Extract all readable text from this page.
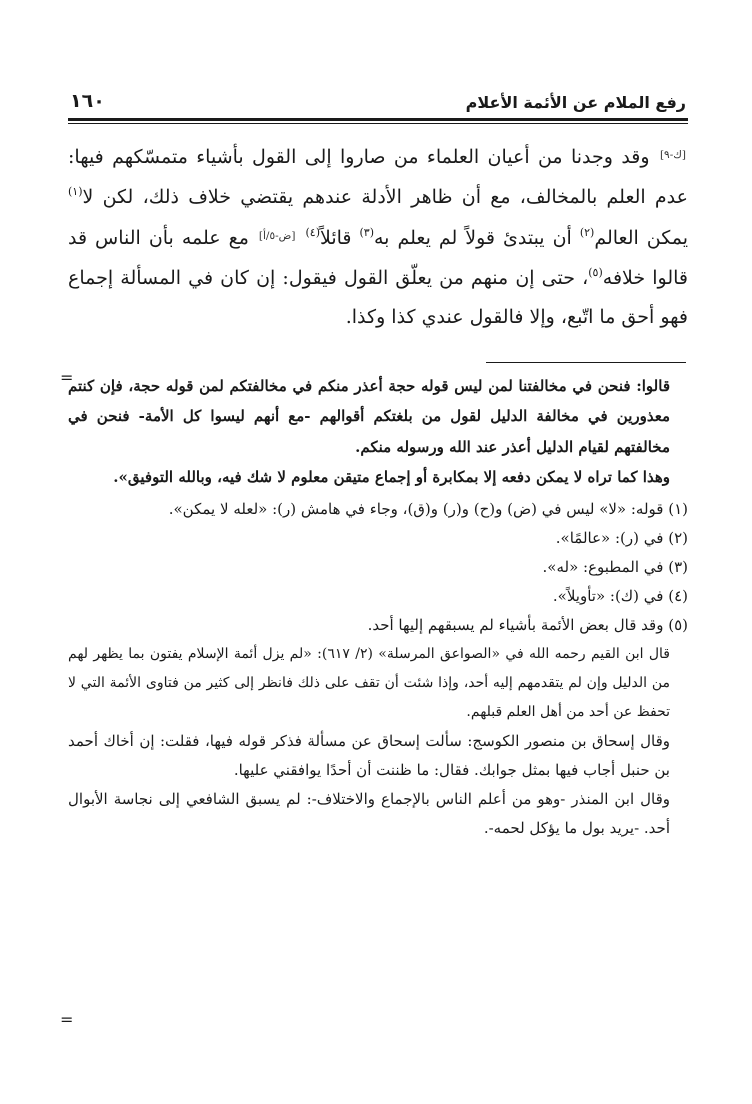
رفع الملام عن الأئمة الأعلام
١٦٠
[ك-٩] وقد وجدنا من أعيان العلماء من صاروا إلى القول بأشياء متمسّكهم فيها: عدم العلم بالمخالف، مع أن ظاهر الأدلة عندهم يقتضي خلاف ذلك، لكن لا$^{(١)}$ يمكن العالم$^{(٢)}$ أن يبتدئ قولاً لم يعلم به$^{(٣)}$ قائلاً$^{(٤)}$ [ض-٥/أ] مع علمه بأن الناس قد قالوا خلافه$^{(٥)}$، حتى إن منهم من يعلّق القول فيقول: إن كان في المسألة إجماع فهو أحق ما اتّبع، وإلا فالقول عندي كذا وكذا.
=

قالوا: فنحن في مخالفتنا لمن ليس قوله حجة أعذر منكم في مخالفتكم لمن قوله حجة، فإن كنتم معذورين في مخالفة الدليل لقول من بلغتكم أقوالهم -مع أنهم ليسوا كل الأمة- فنحن في مخالفتهم لقيام الدليل أعذر عند الله ورسوله منكم.

وهذا كما تراه لا يمكن دفعه إلا بمكابرة أو إجماع متيقن معلوم لا شك فيه، وبالله التوفيق».

(١) قوله: «لا» ليس في (ض) و(ح) و(ر) و(ق)، وجاء في هامش (ر): «لعله لا يمكن».

(٢) في (ر): «عالمًا».

(٣) في المطبوع: «له».

(٤) في (ك): «تأويلاً».

(٥) وقد قال بعض الأئمة بأشياء لم يسبقهم إليها أحد.

قال ابن القيم رحمه الله في «الصواعق المرسلة» (٢/ ٦١٧): «لم يزل أئمة الإسلام يفتون بما يظهر لهم من الدليل وإن لم يتقدمهم إليه أحد، وإذا شئت أن تقف على ذلك فانظر إلى كثير من فتاوى الأئمة التي لا تحفظ عن أحد من أهل العلم قبلهم.

وقال إسحاق بن منصور الكوسج: سألت إسحاق عن مسألة فذكر قوله فيها، فقلت: إن أخاك أحمد بن حنبل أجاب فيها بمثل جوابك. فقال: ما ظننت أن أحدًا يوافقني عليها.

وقال ابن المنذر -وهو من أعلم الناس بالإجماع والاختلاف-: لم يسبق الشافعي إلى نجاسة الأبوال أحد. -يريد بول ما يؤكل لحمه-.

=
